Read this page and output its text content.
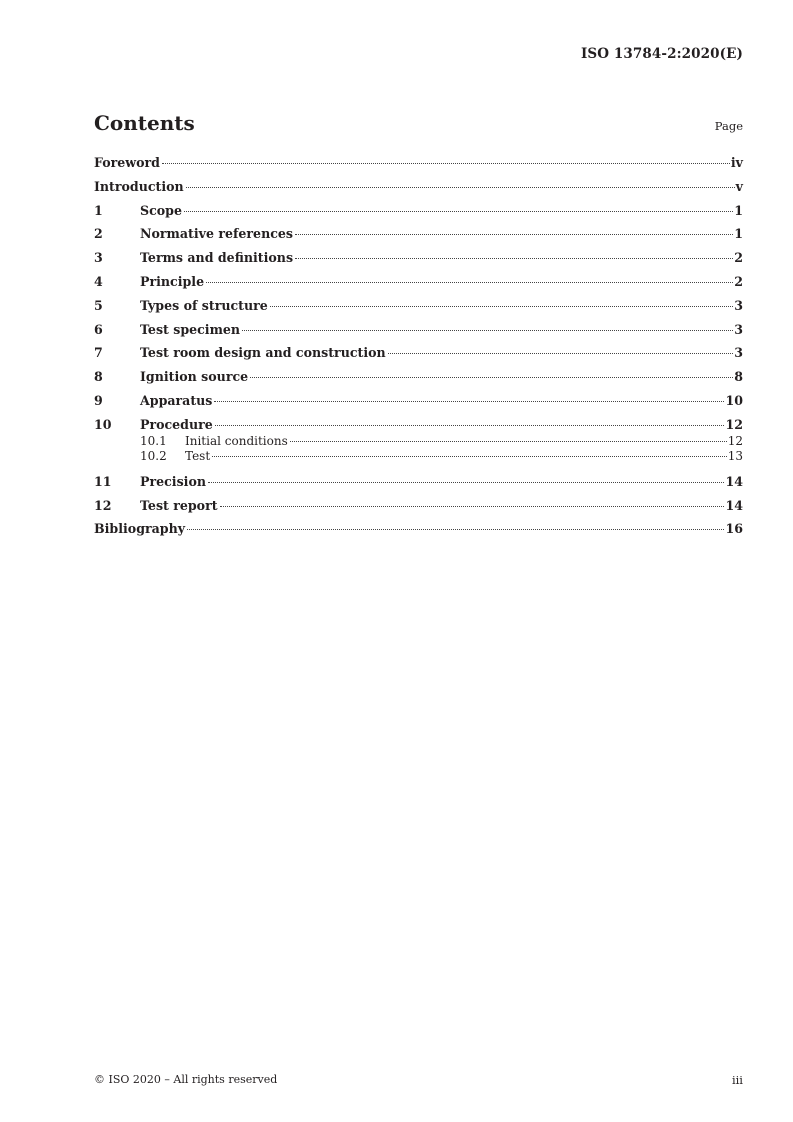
ISO 13784-2:2020(E)
Contents	Page
Foreword	iv
Introduction	v
1	Scope	1
2	Normative references	1
3	Terms and definitions	2
4	Principle	2
5	Types of structure	3
6	Test specimen	3
7	Test room design and construction	3
8	Ignition source	8
9	Apparatus	10
10	Procedure	12
10.1	Initial conditions	12
10.2	Test	13
11	Precision	14
12	Test report	14
Bibliography	16
© ISO 2020 – All rights reserved	iii
